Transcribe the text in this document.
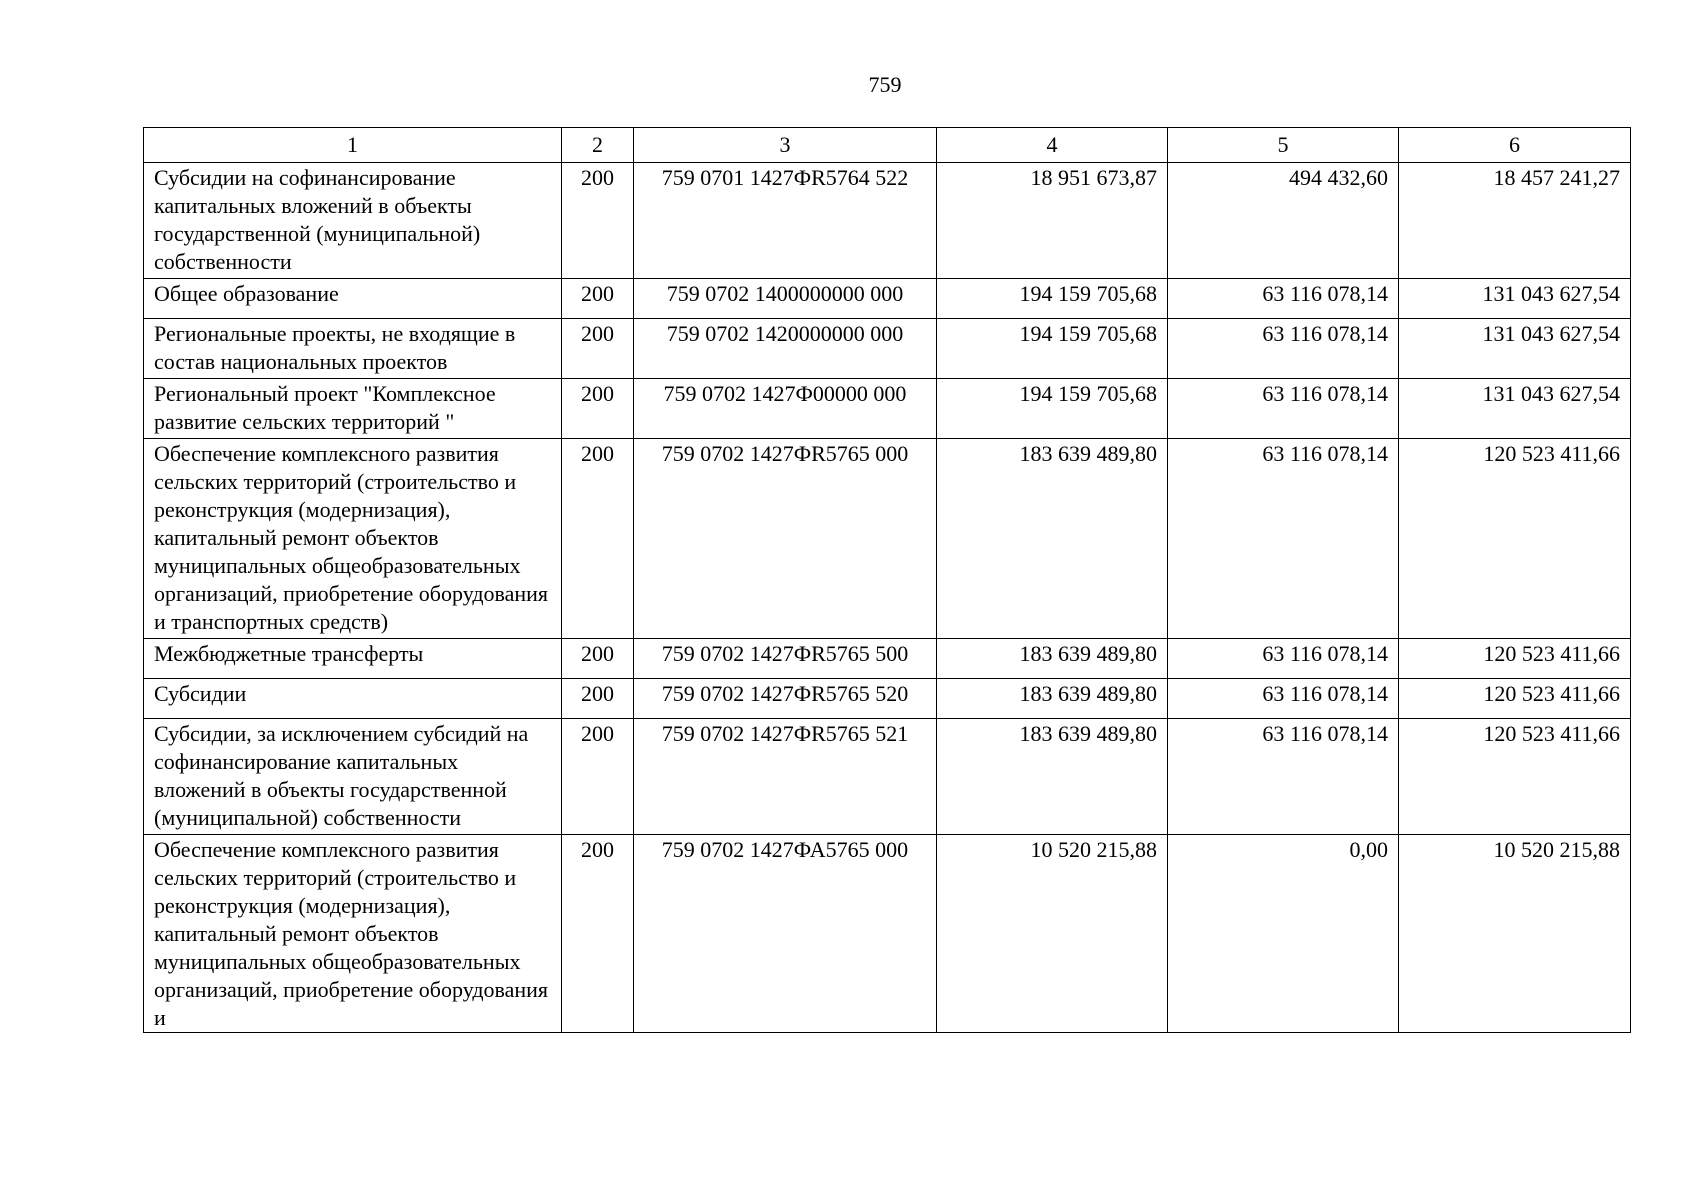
759
1	2	3	4	5	6
Субсидии на софинансирование капитальных вложений в объекты государственной (муниципальной) собственности	200	759 0701 1427ФR5764 522	18 951 673,87	494 432,60	18 457 241,27
Общее образование	200	759 0702 1400000000 000	194 159 705,68	63 116 078,14	131 043 627,54
Региональные проекты, не входящие в состав национальных проектов	200	759 0702 1420000000 000	194 159 705,68	63 116 078,14	131 043 627,54
Региональный проект "Комплексное развитие сельских территорий "	200	759 0702 1427Ф00000 000	194 159 705,68	63 116 078,14	131 043 627,54
Обеспечение комплексного развития сельских территорий (строительство и реконструкция (модернизация), капитальный ремонт объектов муниципальных общеобразовательных организаций, приобретение оборудования и транспортных средств)	200	759 0702 1427ФR5765 000	183 639 489,80	63 116 078,14	120 523 411,66
Межбюджетные трансферты	200	759 0702 1427ФR5765 500	183 639 489,80	63 116 078,14	120 523 411,66
Субсидии	200	759 0702 1427ФR5765 520	183 639 489,80	63 116 078,14	120 523 411,66
Субсидии, за исключением субсидий на софинансирование капитальных вложений в объекты государственной (муниципальной) собственности	200	759 0702 1427ФR5765 521	183 639 489,80	63 116 078,14	120 523 411,66

Обеспечение комплексного развития сельских территорий (строительство и реконструкция (модернизация), капитальный ремонт объектов муниципальных общеобразовательных организаций, приобретение оборудования и	200	759 0702 1427ФА5765 000	10 520 215,88	0,00	10 520 215,88
